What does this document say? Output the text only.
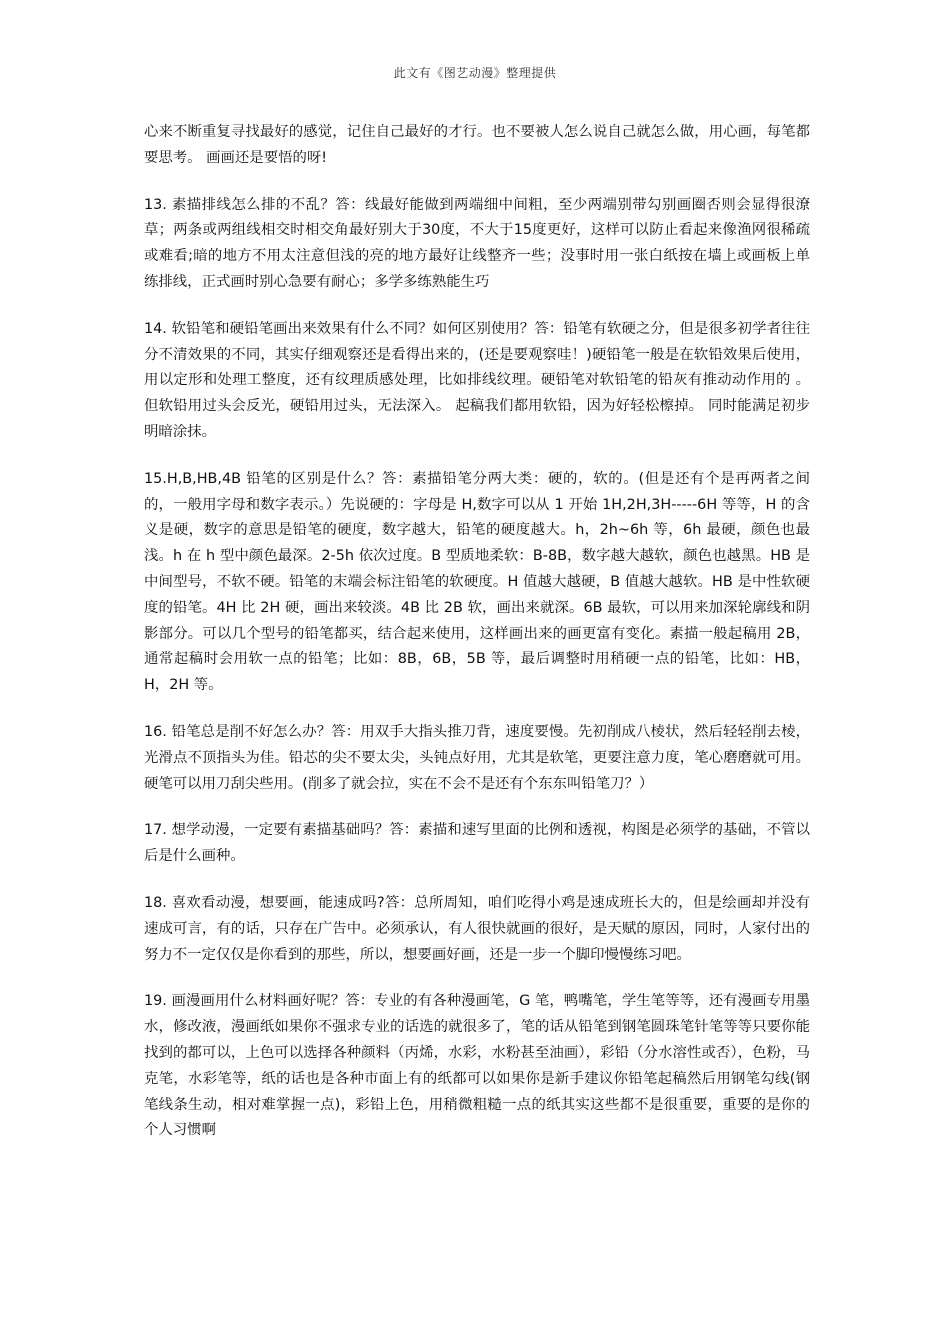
此文有《图艺动漫》整理提供

心来不断重复寻找最好的感觉，记住自己最好的才行。也不要被人怎么说自己就怎么做，用心画，每笔都要思考。 画画还是要悟的呀!

13. 素描排线怎么排的不乱？答：线最好能做到两端细中间粗，至少两端别带勾别画圈否则会显得很潦草；两条或两组线相交时相交角最好别大于30度，不大于15度更好，这样可以防止看起来像渔网很稀疏或难看;暗的地方不用太注意但浅的亮的地方最好让线整齐一些；没事时用一张白纸按在墙上或画板上单练排线，正式画时别心急要有耐心；多学多练熟能生巧

14. 软铅笔和硬铅笔画出来效果有什么不同？如何区别使用？答：铅笔有软硬之分，但是很多初学者往往分不清效果的不同，其实仔细观察还是看得出来的，(还是要观察哇！)硬铅笔一般是在软铅效果后使用，用以定形和处理工整度，还有纹理质感处理，比如排线纹理。硬铅笔对软铅笔的铅灰有推动动作用的 。但软铅用过头会反光，硬铅用过头，无法深入。 起稿我们都用软铅，因为好轻松檫掉。 同时能满足初步明暗涂抹。

15.H,B,HB,4B 铅笔的区别是什么？答：素描铅笔分两大类：硬的，软的。(但是还有个是再两者之间的，一般用字母和数字表示。）先说硬的：字母是 H,数字可以从 1 开始 1H,2H,3H-----6H 等等，H 的含义是硬，数字的意思是铅笔的硬度，数字越大，铅笔的硬度越大。h，2h~6h 等，6h 最硬，颜色也最浅。h 在 h 型中颜色最深。2-5h 依次过度。B 型质地柔软：B-8B，数字越大越软，颜色也越黑。HB 是中间型号，不软不硬。铅笔的末端会标注铅笔的软硬度。H 值越大越硬，B 值越大越软。HB 是中性软硬度的铅笔。4H 比 2H 硬，画出来较淡。4B 比 2B 软，画出来就深。6B 最软，可以用来加深轮廓线和阴影部分。可以几个型号的铅笔都买，结合起来使用，这样画出来的画更富有变化。素描一般起稿用 2B，通常起稿时会用软一点的铅笔；比如：8B，6B，5B 等，最后调整时用稍硬一点的铅笔，比如：HB，H，2H 等。

16. 铅笔总是削不好怎么办？答：用双手大指头推刀背，速度要慢。先初削成八棱状，然后轻轻削去棱，光滑点不顶指头为佳。铅芯的尖不要太尖，头钝点好用，尤其是软笔，更要注意力度，笔心磨磨就可用。硬笔可以用刀刮尖些用。(削多了就会拉，实在不会不是还有个东东叫铅笔刀？）

17. 想学动漫，一定要有素描基础吗？答：素描和速写里面的比例和透视，构图是必须学的基础，不管以后是什么画种。

18. 喜欢看动漫，想要画，能速成吗?答：总所周知，咱们吃得小鸡是速成班长大的，但是绘画却并没有速成可言，有的话，只存在广告中。必须承认，有人很快就画的很好，是天赋的原因，同时，人家付出的努力不一定仅仅是你看到的那些，所以，想要画好画，还是一步一个脚印慢慢练习吧。

19. 画漫画用什么材料画好呢？答：专业的有各种漫画笔，G 笔，鸭嘴笔，学生笔等等，还有漫画专用墨水，修改液，漫画纸如果你不强求专业的话选的就很多了，笔的话从铅笔到钢笔圆珠笔针笔等等只要你能找到的都可以，上色可以选择各种颜料（丙烯，水彩，水粉甚至油画），彩铅（分水溶性或否），色粉，马克笔，水彩笔等，纸的话也是各种市面上有的纸都可以如果你是新手建议你铅笔起稿然后用钢笔勾线(钢笔线条生动，相对难掌握一点)，彩铅上色，用稍微粗糙一点的纸其实这些都不是很重要，重要的是你的个人习惯啊
